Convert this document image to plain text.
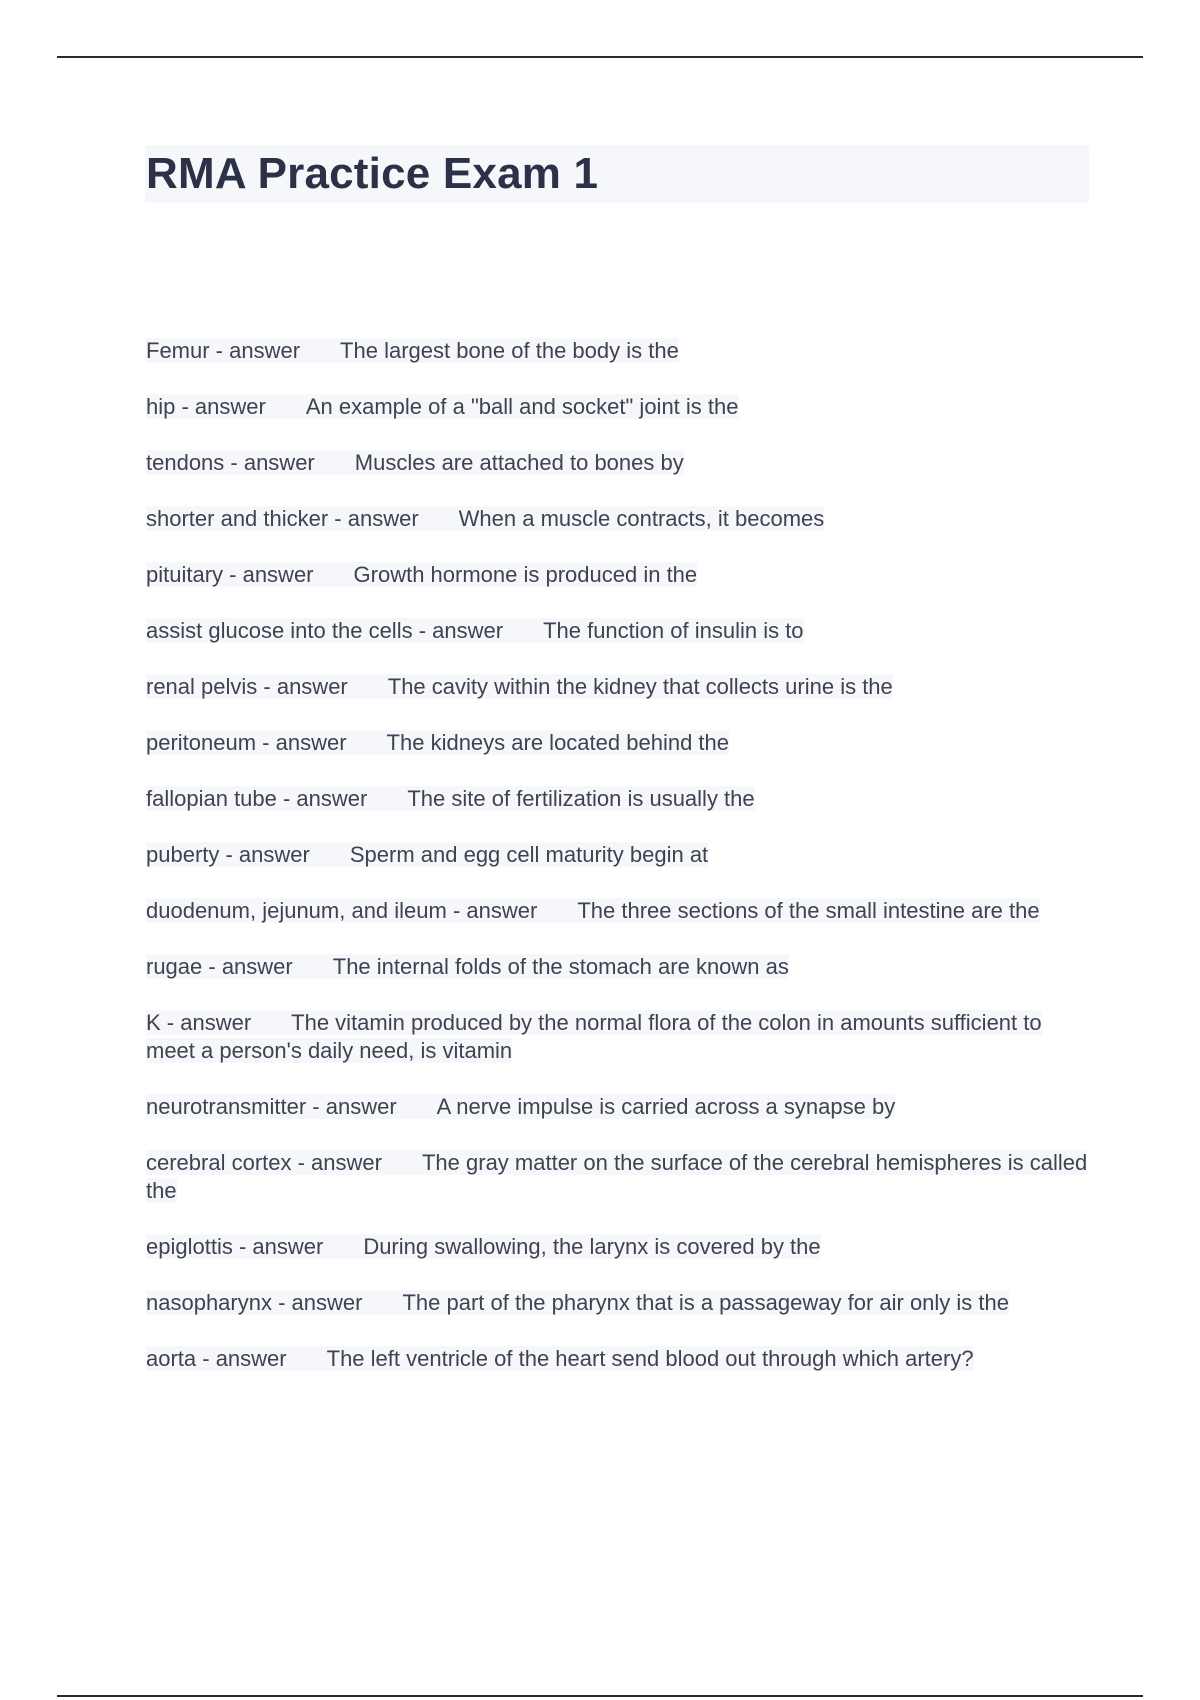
RMA Practice Exam 1
Femur - answer The largest bone of the body is the
hip - answer An example of a "ball and socket" joint is the
tendons - answer Muscles are attached to bones by
shorter and thicker - answer When a muscle contracts, it becomes
pituitary - answer Growth hormone is produced in the
assist glucose into the cells - answer The function of insulin is to
renal pelvis - answer The cavity within the kidney that collects urine is the
peritoneum - answer The kidneys are located behind the
fallopian tube - answer The site of fertilization is usually the
puberty - answer Sperm and egg cell maturity begin at
duodenum, jejunum, and ileum - answer The three sections of the small intestine are the
rugae - answer The internal folds of the stomach are known as
K - answer The vitamin produced by the normal flora of the colon in amounts sufficient to meet a person's daily need, is vitamin
neurotransmitter - answer A nerve impulse is carried across a synapse by
cerebral cortex - answer The gray matter on the surface of the cerebral hemispheres is called the
epiglottis - answer During swallowing, the larynx is covered by the
nasopharynx - answer The part of the pharynx that is a passageway for air only is the
aorta - answer The left ventricle of the heart send blood out through which artery?
